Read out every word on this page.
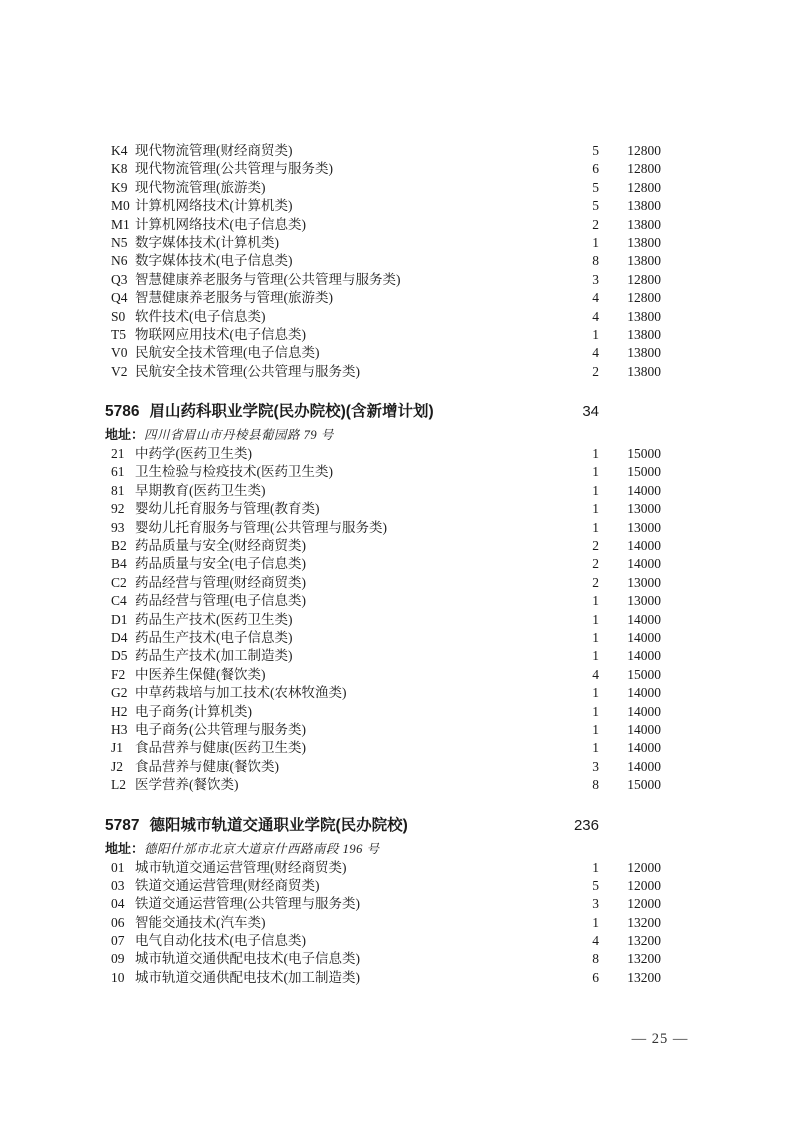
K4 现代物流管理(财经商贸类)	5	12800
K8 现代物流管理(公共管理与服务类)	6	12800
K9 现代物流管理(旅游类)	5	12800
M0 计算机网络技术(计算机类)	5	13800
M1 计算机网络技术(电子信息类)	2	13800
N5 数字媒体技术(计算机类)	1	13800
N6 数字媒体技术(电子信息类)	8	13800
Q3 智慧健康养老服务与管理(公共管理与服务类)	3	12800
Q4 智慧健康养老服务与管理(旅游类)	4	12800
S0 软件技术(电子信息类)	4	13800
T5 物联网应用技术(电子信息类)	1	13800
V0 民航安全技术管理(电子信息类)	4	13800
V2 民航安全技术管理(公共管理与服务类)	2	13800
5786 眉山药科职业学院(民办院校)(含新增计划)	34
地址：四川省眉山市丹棱县葡园路 79 号
21 中药学(医药卫生类)	1	15000
61 卫生检验与检疫技术(医药卫生类)	1	15000
81 早期教育(医药卫生类)	1	14000
92 婴幼儿托育服务与管理(教育类)	1	13000
93 婴幼儿托育服务与管理(公共管理与服务类)	1	13000
B2 药品质量与安全(财经商贸类)	2	14000
B4 药品质量与安全(电子信息类)	2	14000
C2 药品经营与管理(财经商贸类)	2	13000
C4 药品经营与管理(电子信息类)	1	13000
D1 药品生产技术(医药卫生类)	1	14000
D4 药品生产技术(电子信息类)	1	14000
D5 药品生产技术(加工制造类)	1	14000
F2 中医养生保健(餐饮类)	4	15000
G2 中草药栽培与加工技术(农林牧渔类)	1	14000
H2 电子商务(计算机类)	1	14000
H3 电子商务(公共管理与服务类)	1	14000
J1 食品营养与健康(医药卫生类)	1	14000
J2 食品营养与健康(餐饮类)	3	14000
L2 医学营养(餐饮类)	8	15000
5787 德阳城市轨道交通职业学院(民办院校)	236
地址：德阳什邡市北京大道京什西路南段 196 号
01 城市轨道交通运营管理(财经商贸类)	1	12000
03 铁道交通运营管理(财经商贸类)	5	12000
04 铁道交通运营管理(公共管理与服务类)	3	12000
06 智能交通技术(汽车类)	1	13200
07 电气自动化技术(电子信息类)	4	13200
09 城市轨道交通供配电技术(电子信息类)	8	13200
10 城市轨道交通供配电技术(加工制造类)	6	13200
— 25 —
